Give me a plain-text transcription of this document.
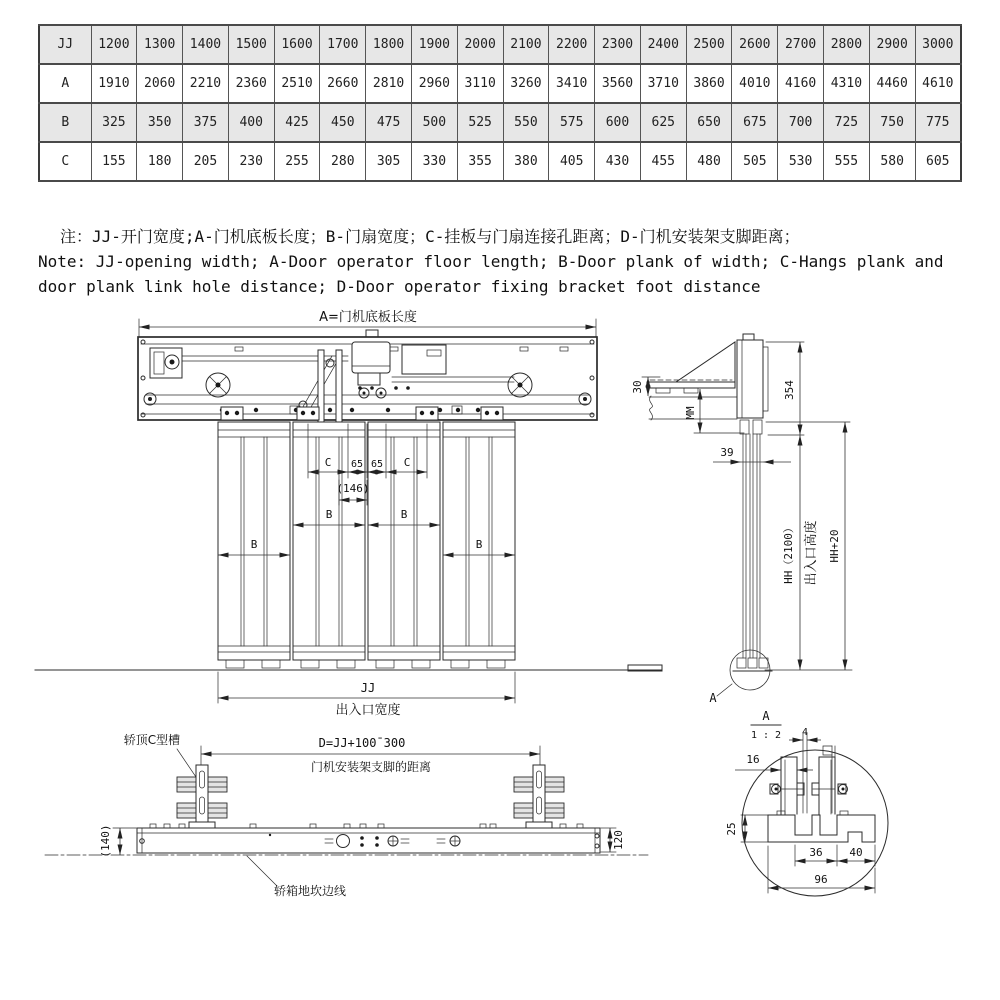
JJ	1200	1300	1400	1500	1600	1700	1800	1900	2000	2100	2200	2300	2400	2500	2600	2700	2800	2900	3000
A	1910	2060	2210	2360	2510	2660	2810	2960	3110	3260	3410	3560	3710	3860	4010	4160	4310	4460	4610
B	325	350	375	400	425	450	475	500	525	550	575	600	625	650	675	700	725	750	775
C	155	180	205	230	255	280	305	330	355	380	405	430	455	480	505	530	555	580	605
注：JJ-开门宽度;A-门机底板长度；B-门扇宽度；C-挂板与门扇连接孔距离；D-门机安装架支脚距离；
Note: JJ-opening width; A-Door operator floor length; B-Door plank of width; C-Hangs plank and door plank link hole distance; D-Door operator fixing bracket foot distance
A=门机底板长度
C 65 65 C
(146)
B	B
B	B
JJ
出入口宽度
A
354
30
MM
39
HH（2100） 出入口高度 HH+20
轿顶C型槽	D=JJ+100¯300
门机安装架支脚的距离
(140)	120
轿箱地坎边线
A
1 : 2 4
16
25
36 40
96
